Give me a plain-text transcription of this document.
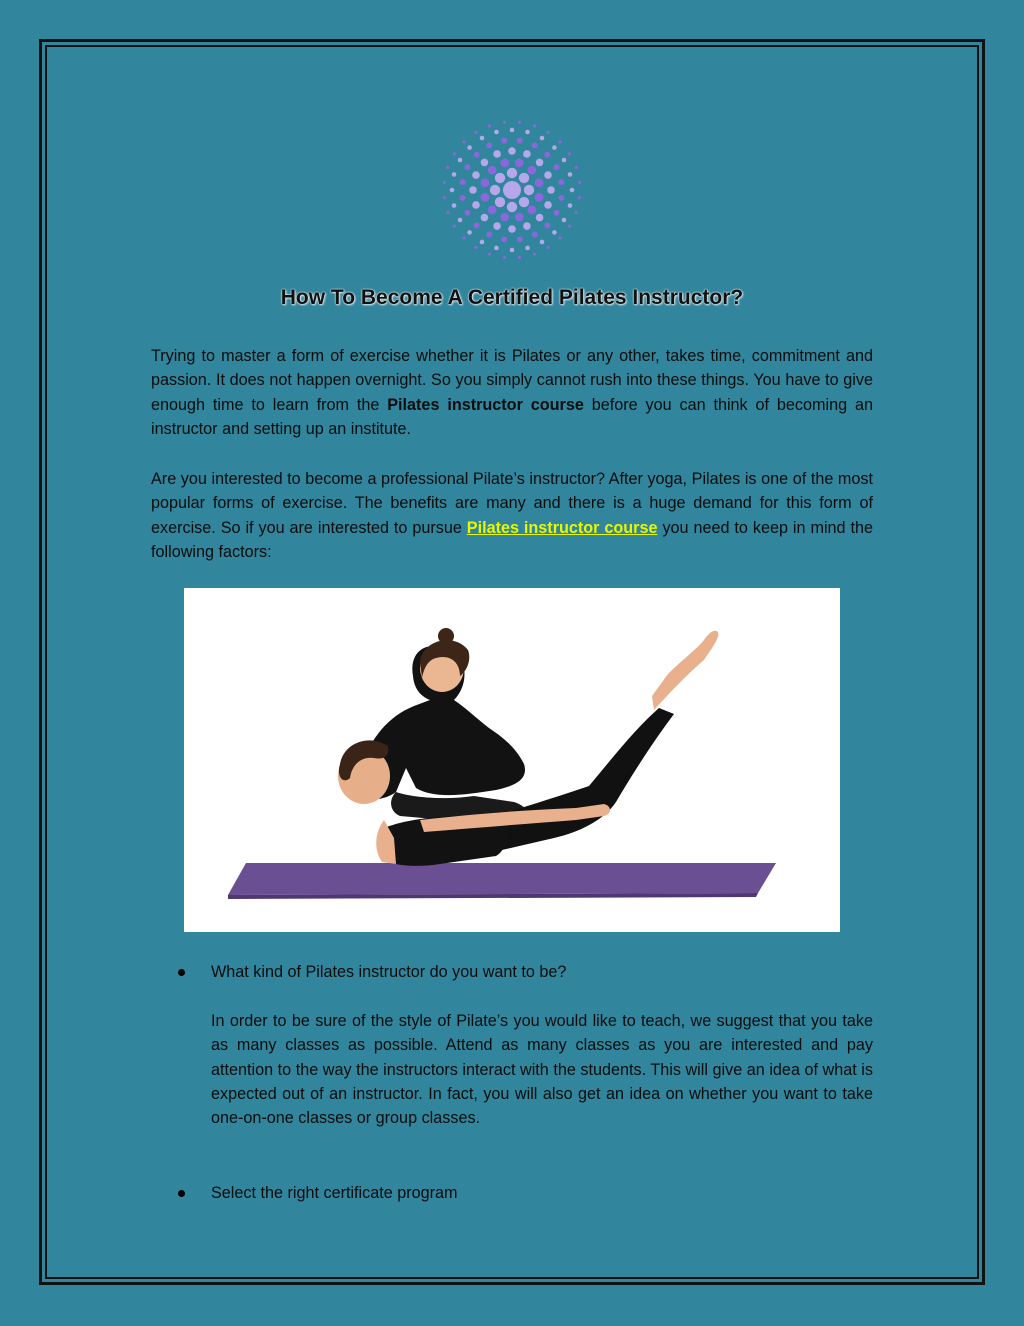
How To Become A Certified Pilates Instructor?

Trying to master a form of exercise whether it is Pilates or any other, takes time, commitment and passion. It does not happen overnight. So you simply cannot rush into these things. You have to give enough time to learn from the Pilates instructor course before you can think of becoming an instructor and setting up an institute.

Are you interested to become a professional Pilate’s instructor? After yoga, Pilates is one of the most popular forms of exercise. The benefits are many and there is a huge demand for this form of exercise. So if you are interested to pursue Pilates instructor course you need to keep in mind the following factors:

What kind of Pilates instructor do you want to be?

In order to be sure of the style of Pilate’s you would like to teach, we suggest that you take as many classes as possible. Attend as many classes as you are interested and pay attention to the way the instructors interact with the students. This will give an idea of what is expected out of an instructor. In fact, you will also get an idea on whether you want to take one-on-one classes or group classes.

Select the right certificate program
